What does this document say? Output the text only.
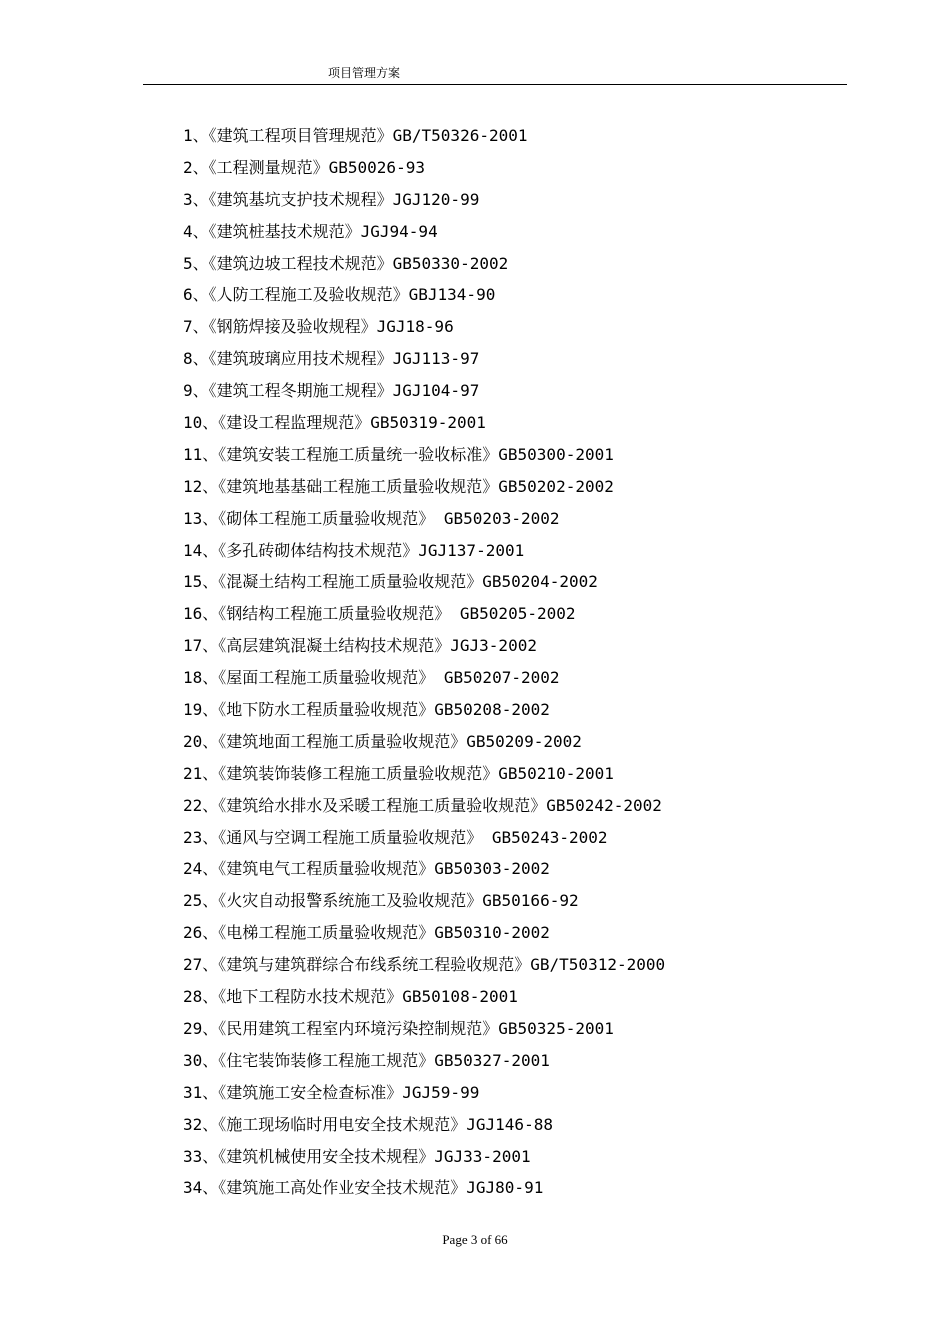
项目管理方案
1、《建筑工程项目管理规范》GB/T50326-2001
2、《工程测量规范》GB50026-93
3、《建筑基坑支护技术规程》JGJ120-99
4、《建筑桩基技术规范》JGJ94-94
5、《建筑边坡工程技术规范》GB50330-2002
6、《人防工程施工及验收规范》GBJ134-90
7、《钢筋焊接及验收规程》JGJ18-96
8、《建筑玻璃应用技术规程》JGJ113-97
9、《建筑工程冬期施工规程》JGJ104-97
10、《建设工程监理规范》GB50319-2001
11、《建筑安装工程施工质量统一验收标准》GB50300-2001
12、《建筑地基基础工程施工质量验收规范》GB50202-2002
13、《砌体工程施工质量验收规范》 GB50203-2002
14、《多孔砖砌体结构技术规范》JGJ137-2001
15、《混凝土结构工程施工质量验收规范》GB50204-2002
16、《钢结构工程施工质量验收规范》 GB50205-2002
17、《高层建筑混凝土结构技术规范》JGJ3-2002
18、《屋面工程施工质量验收规范》 GB50207-2002
19、《地下防水工程质量验收规范》GB50208-2002
20、《建筑地面工程施工质量验收规范》GB50209-2002
21、《建筑装饰装修工程施工质量验收规范》GB50210-2001
22、《建筑给水排水及采暖工程施工质量验收规范》GB50242-2002
23、《通风与空调工程施工质量验收规范》 GB50243-2002
24、《建筑电气工程质量验收规范》GB50303-2002
25、《火灾自动报警系统施工及验收规范》GB50166-92
26、《电梯工程施工质量验收规范》GB50310-2002
27、《建筑与建筑群综合布线系统工程验收规范》GB/T50312-2000
28、《地下工程防水技术规范》GB50108-2001
29、《民用建筑工程室内环境污染控制规范》GB50325-2001
30、《住宅装饰装修工程施工规范》GB50327-2001
31、《建筑施工安全检查标准》JGJ59-99
32、《施工现场临时用电安全技术规范》JGJ146-88
33、《建筑机械使用安全技术规程》JGJ33-2001
34、《建筑施工高处作业安全技术规范》JGJ80-91
Page 3 of 66
